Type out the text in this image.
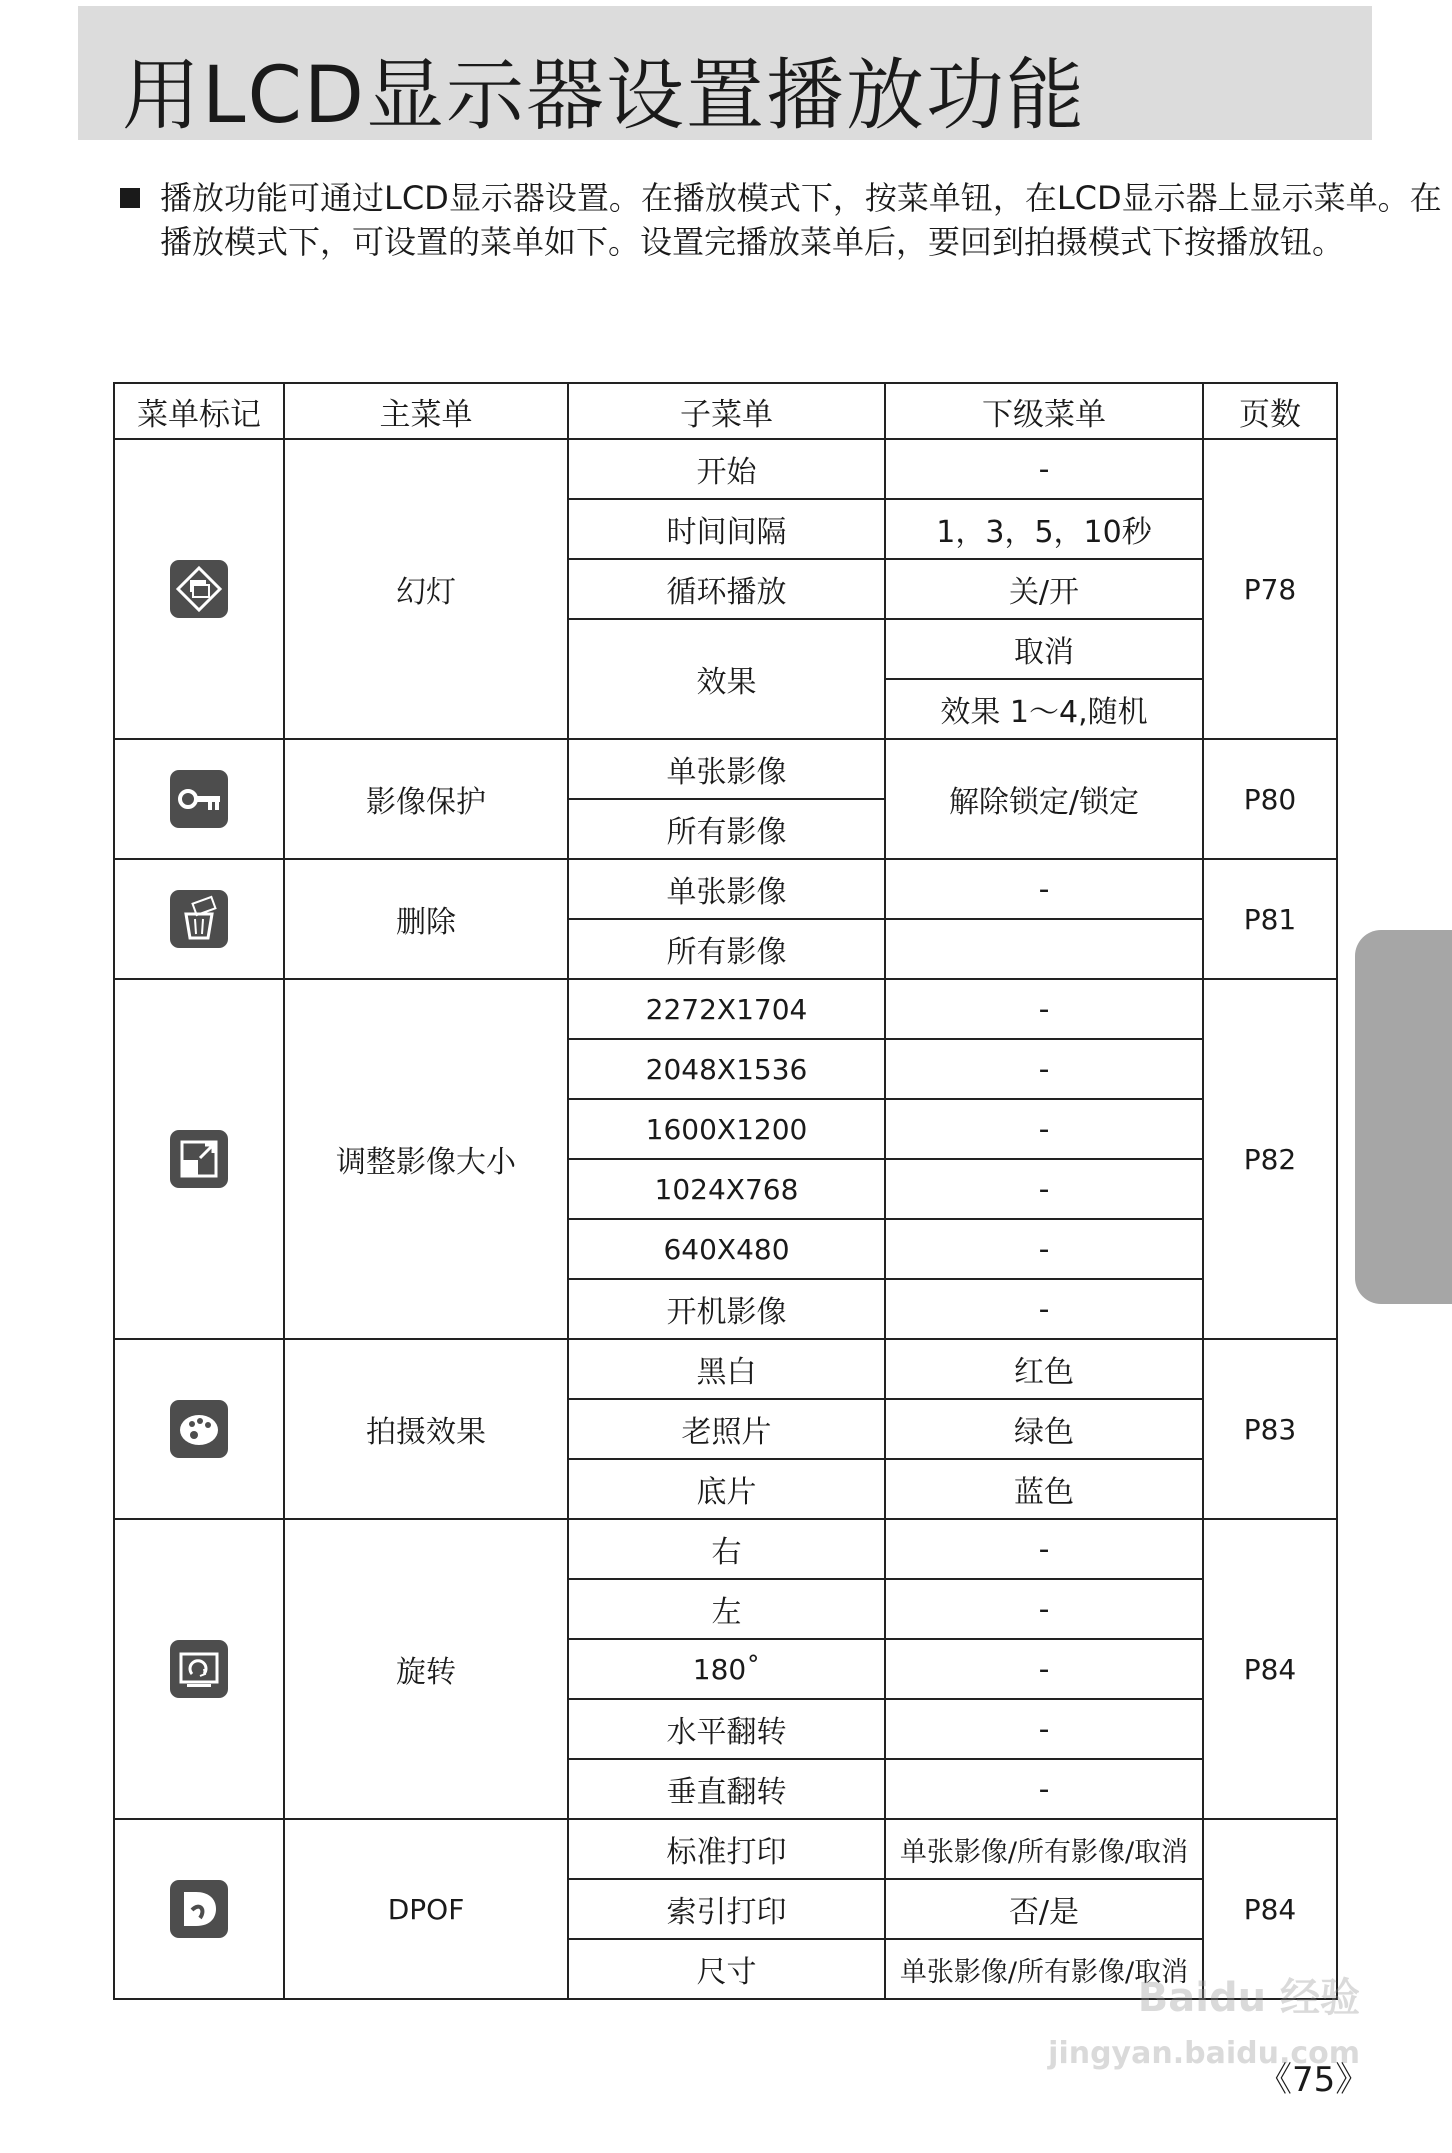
用LCD显示器设置播放功能
播放功能可通过LCD显示器设置。在播放模式下，按菜单钮，在LCD显示器上显示菜单。在播放模式下，可设置的菜单如下。设置完播放菜单后，要回到拍摄模式下按播放钮。
菜单标记	主菜单	子菜单	下级菜单	页数

	幻灯	开始	-	P78
		时间间隔	1，3，5，10秒	
		循环播放	关/开	
		效果	取消	
			效果 1～4,随机	

	影像保护	单张影像	解除锁定/锁定	P80
		所有影像		

	删除	单张影像	-	P81
		所有影像		

	调整影像大小	2272X1704	-	P82
		2048X1536	-	
		1600X1200	-	
		1024X768	-	
		640X480	-	
		开机影像	-	

	拍摄效果	黑白	红色	P83
		老照片	绿色	
		底片	蓝色	

	旋转	右	-	P84
		左	-	
		180˚	-	
		水平翻转	-	
		垂直翻转	-	

	DPOF	标准打印	单张影像/所有影像/取消	P84
		索引打印	否/是	
		尺寸	单张影像/所有影像/取消	
Baidu 经验
jingyan.baidu.com
《75》
